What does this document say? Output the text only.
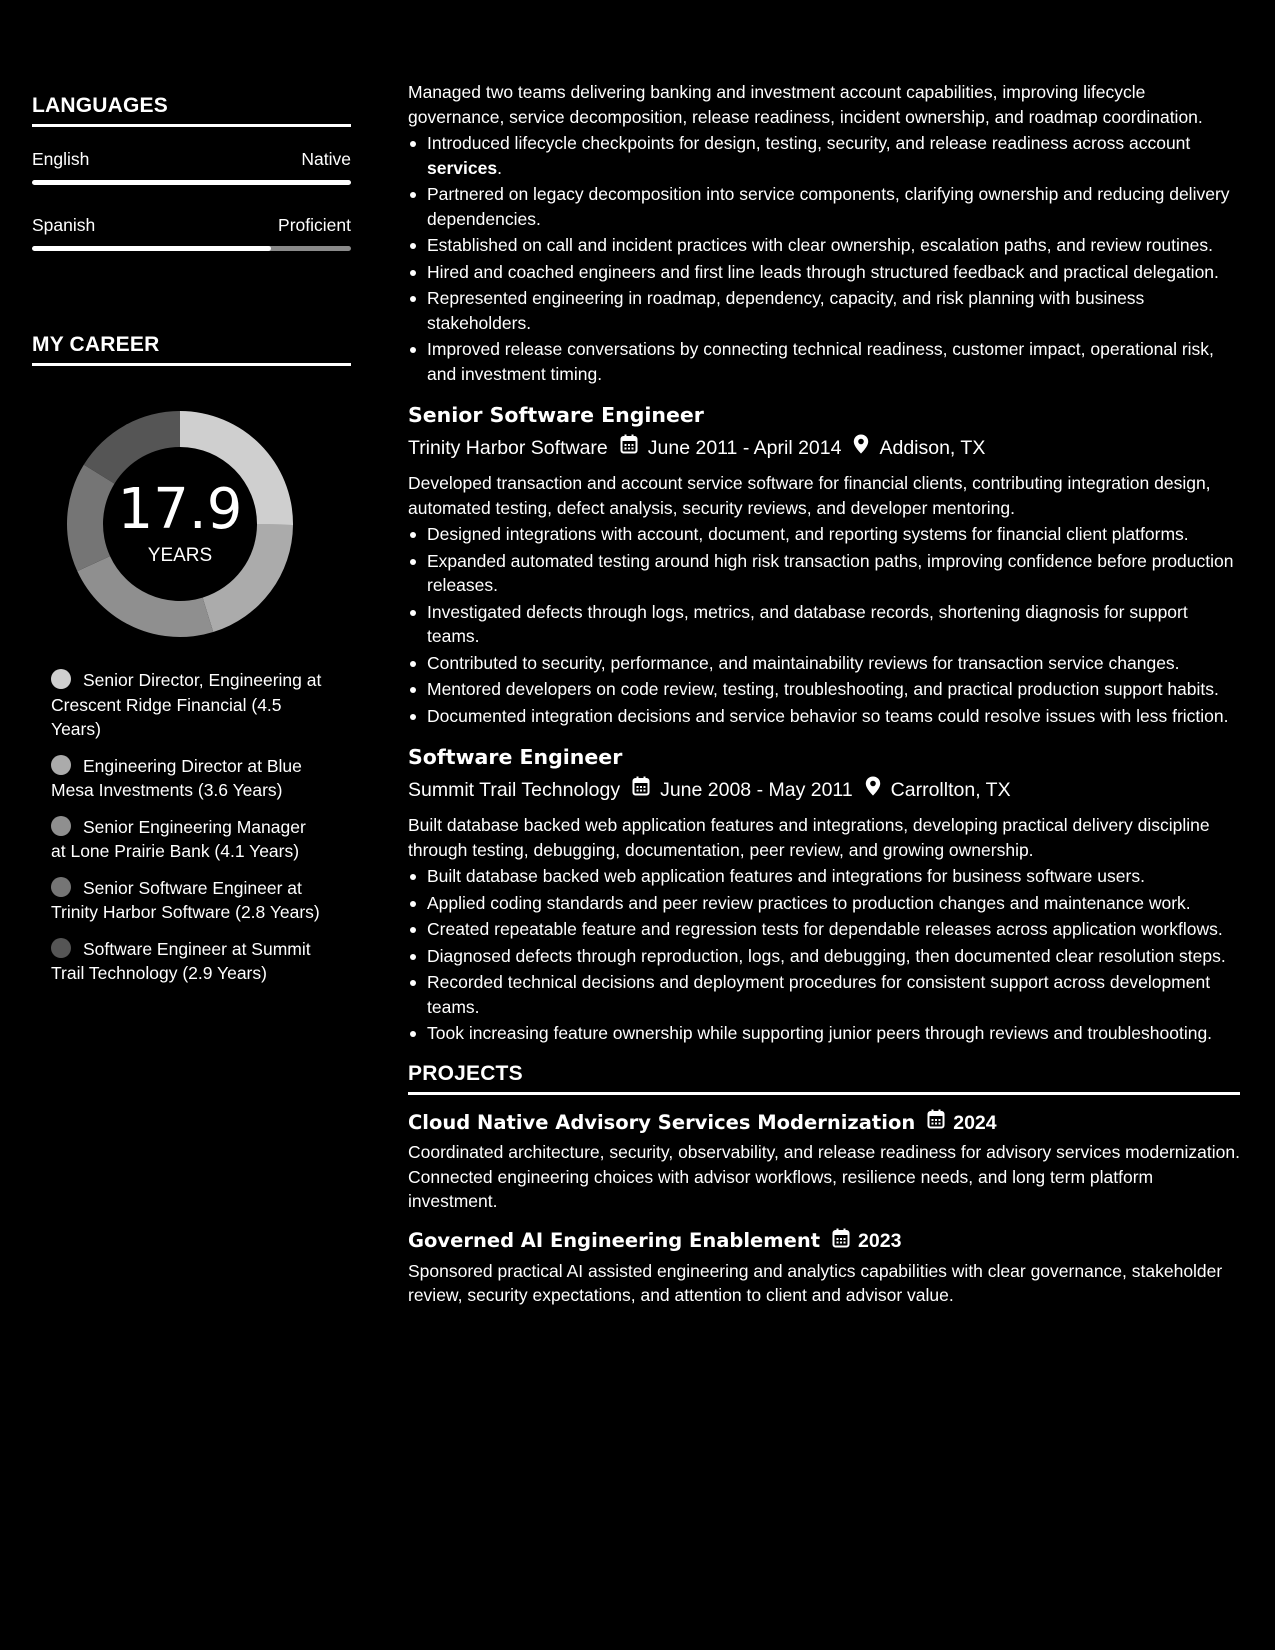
LANGUAGES
English	Native
Spanish	Proficient
MY CAREER
17.9
YEARS
Senior Director, Engineering at Crescent Ridge Financial (4.5 Years)
Engineering Director at Blue Mesa Investments (3.6 Years)
Senior Engineering Manager at Lone Prairie Bank (4.1 Years)
Senior Software Engineer at Trinity Harbor Software (2.8 Years)
Software Engineer at Summit Trail Technology (2.9 Years)

Managed two teams delivering banking and investment account capabilities, improving lifecycle governance, service decomposition, release readiness, incident ownership, and roadmap coordination.

Introduced lifecycle checkpoints for design, testing, security, and release readiness across account services.
Partnered on legacy decomposition into service components, clarifying ownership and reducing delivery dependencies.
Established on call and incident practices with clear ownership, escalation paths, and review routines.
Hired and coached engineers and first line leads through structured feedback and practical delegation.
Represented engineering in roadmap, dependency, capacity, and risk planning with business stakeholders.
Improved release conversations by connecting technical readiness, customer impact, operational risk, and investment timing.
Senior Software Engineer
Trinity Harbor Software June 2011 - April 2014 Addison, TX

Developed transaction and account service software for financial clients, contributing integration design, automated testing, defect analysis, security reviews, and developer mentoring.

Designed integrations with account, document, and reporting systems for financial client platforms.
Expanded automated testing around high risk transaction paths, improving confidence before production releases.
Investigated defects through logs, metrics, and database records, shortening diagnosis for support teams.
Contributed to security, performance, and maintainability reviews for transaction service changes.
Mentored developers on code review, testing, troubleshooting, and practical production support habits.
Documented integration decisions and service behavior so teams could resolve issues with less friction.
Software Engineer
Summit Trail Technology June 2008 - May 2011 Carrollton, TX

Built database backed web application features and integrations, developing practical delivery discipline through testing, debugging, documentation, peer review, and growing ownership.

Built database backed web application features and integrations for business software users.
Applied coding standards and peer review practices to production changes and maintenance work.
Created repeatable feature and regression tests for dependable releases across application workflows.
Diagnosed defects through reproduction, logs, and debugging, then documented clear resolution steps.
Recorded technical decisions and deployment procedures for consistent support across development teams.
Took increasing feature ownership while supporting junior peers through reviews and troubleshooting.
PROJECTS
Cloud Native Advisory Services Modernization 2024

Coordinated architecture, security, observability, and release readiness for advisory services modernization. Connected engineering choices with advisor workflows, resilience needs, and long term platform investment.

Governed AI Engineering Enablement 2023

Sponsored practical AI assisted engineering and analytics capabilities with clear governance, stakeholder review, security expectations, and attention to client and advisor value.
